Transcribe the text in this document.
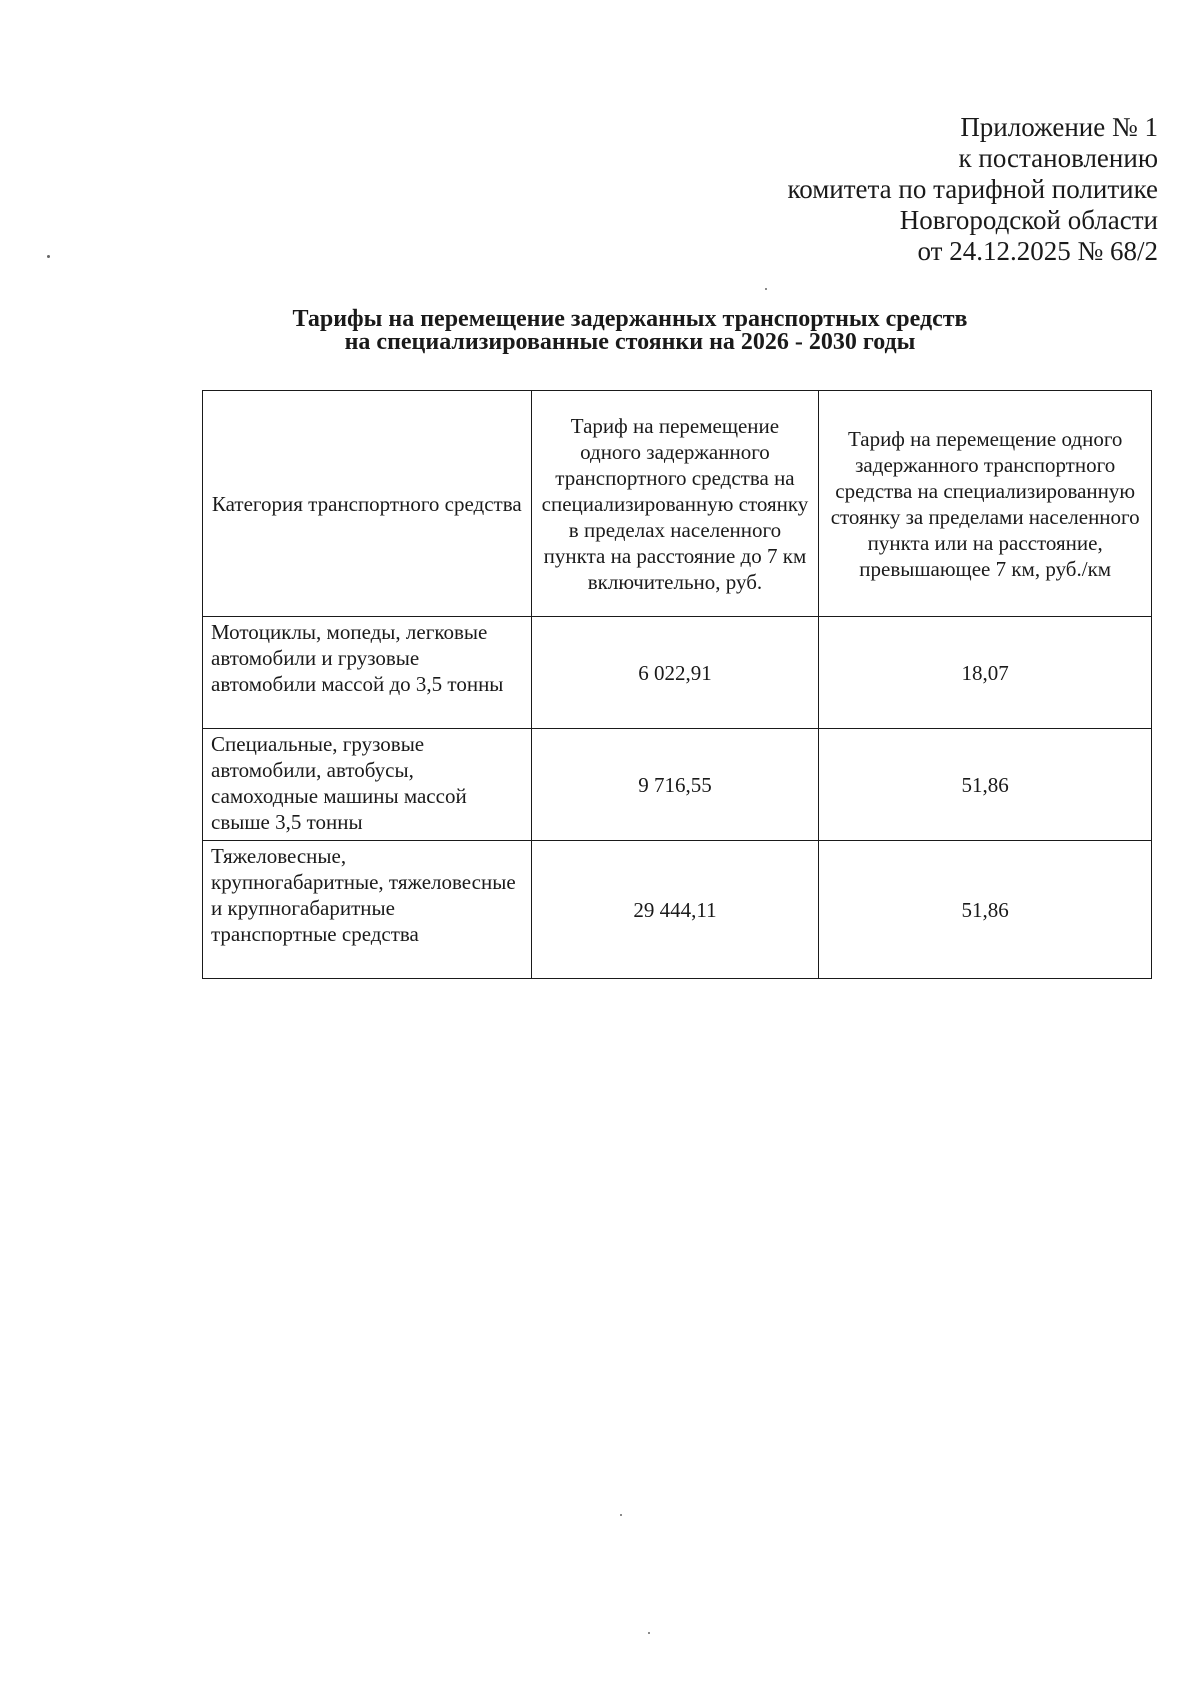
Приложение № 1
к постановлению
комитета по тарифной политике
Новгородской области
от 24.12.2025 № 68/2
Тарифы на перемещение задержанных транспортных средств
на специализированные стоянки на 2026 - 2030 годы
Категория транспортного средства	Тариф на перемещение одного задержанного транспортного средства на специализированную стоянку в пределах населенного пункта на расстояние до 7 км включительно, руб.	Тариф на перемещение одного задержанного транспортного средства на специализированную стоянку за пределами населенного пункта или на расстояние, превышающее 7 км, руб./км
Мотоциклы, мопеды, легковые автомобили и грузовые автомобили массой до 3,5 тонны	6 022,91	18,07
Специальные, грузовые автомобили, автобусы, самоходные машины массой свыше 3,5 тонны	9 716,55	51,86
Тяжеловесные, крупногабаритные, тяжеловесные и крупногабаритные транспортные средства	29 444,11	51,86
